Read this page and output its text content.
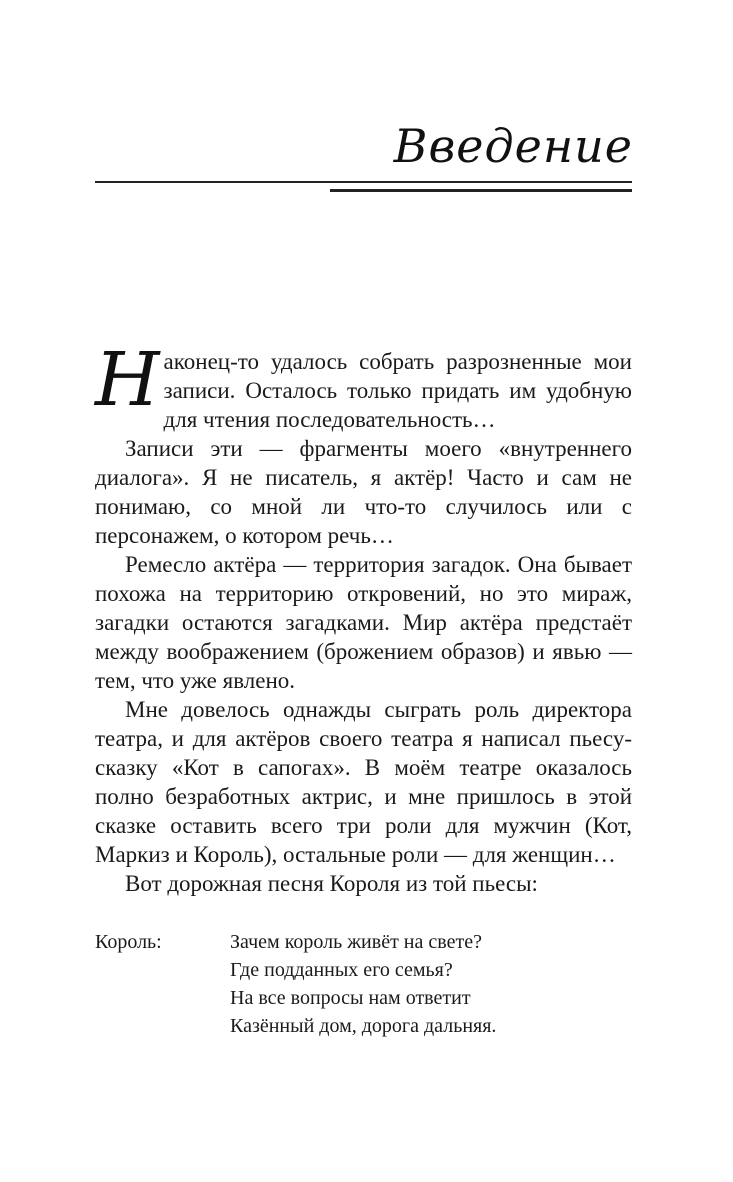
Введение

Наконец-то удалось собрать разрозненные мои записи. Осталось только придать им удобную для чтения последовательность…

Записи эти — фрагменты моего «внутреннего диалога». Я не писатель, я актёр! Часто и сам не понимаю, со мной ли что-то случилось или с персонажем, о котором речь…

Ремесло актёра — территория загадок. Она бывает похожа на территорию откровений, но это мираж, загадки остаются загадками. Мир актёра предстаёт между воображением (брожением образов) и явью — тем, что уже явлено.

Мне довелось однажды сыграть роль директора театра, и для актёров своего театра я написал пьесу-сказку «Кот в сапогах». В моём театре оказалось полно безработных актрис, и мне пришлось в этой сказке оставить всего три роли для мужчин (Кот, Маркиз и Король), остальные роли — для женщин…

Вот дорожная песня Короля из той пьесы:

Король:	Зачем король живёт на свете?
Где подданных его семья?
На все вопросы нам ответит
Казённый дом, дорога дальняя.
